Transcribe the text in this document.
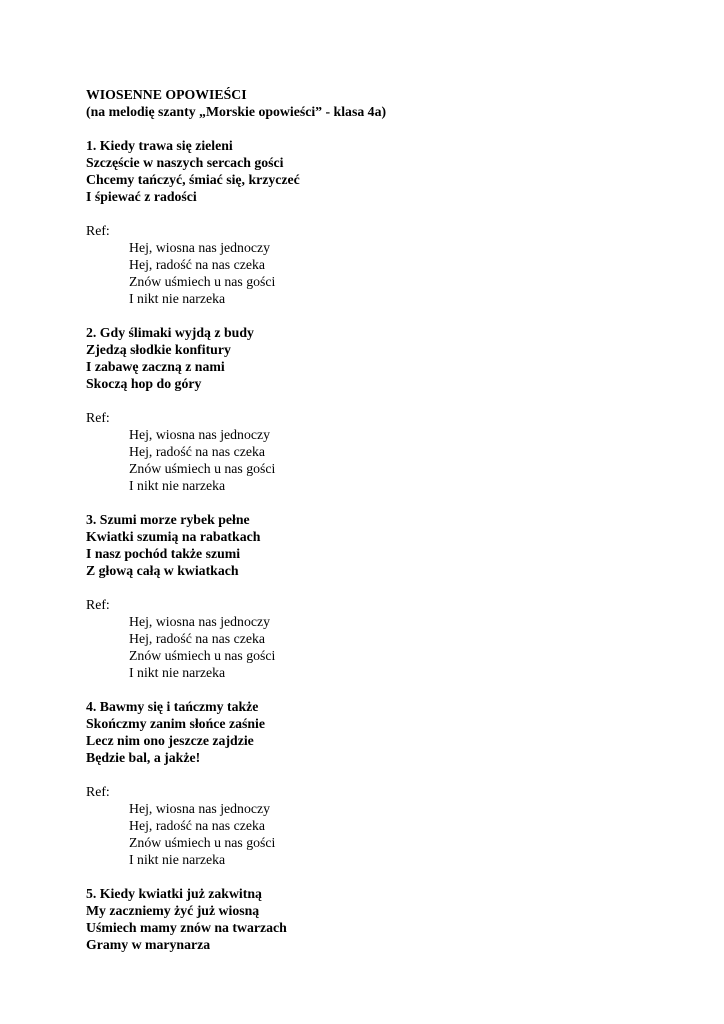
WIOSENNE OPOWIEŚCI
(na melodię szanty „Morskie opowieści” - klasa 4a)
1. Kiedy trawa się zieleni
Szczęście w naszych sercach gości
Chcemy tańczyć, śmiać się, krzyczeć
I śpiewać z radości
Ref:
Hej, wiosna nas jednoczy
Hej, radość na nas czeka
Znów uśmiech u nas gości
I nikt nie narzeka
2. Gdy ślimaki wyjdą z budy
Zjedzą słodkie konfitury
I zabawę zaczną z nami
Skoczą hop do góry
Ref:
Hej, wiosna nas jednoczy
Hej, radość na nas czeka
Znów uśmiech u nas gości
I nikt nie narzeka
3. Szumi morze rybek pełne
Kwiatki szumią na rabatkach
I nasz pochód także szumi
Z głową całą w kwiatkach
Ref:
Hej, wiosna nas jednoczy
Hej, radość na nas czeka
Znów uśmiech u nas gości
I nikt nie narzeka
4. Bawmy się i tańczmy także
Skończmy zanim słońce zaśnie
Lecz nim ono jeszcze zajdzie
Będzie bal, a jakże!
Ref:
Hej, wiosna nas jednoczy
Hej, radość na nas czeka
Znów uśmiech u nas gości
I nikt nie narzeka
5. Kiedy kwiatki już zakwitną
My zaczniemy żyć już wiosną
Uśmiech mamy znów na twarzach
Gramy w marynarza
